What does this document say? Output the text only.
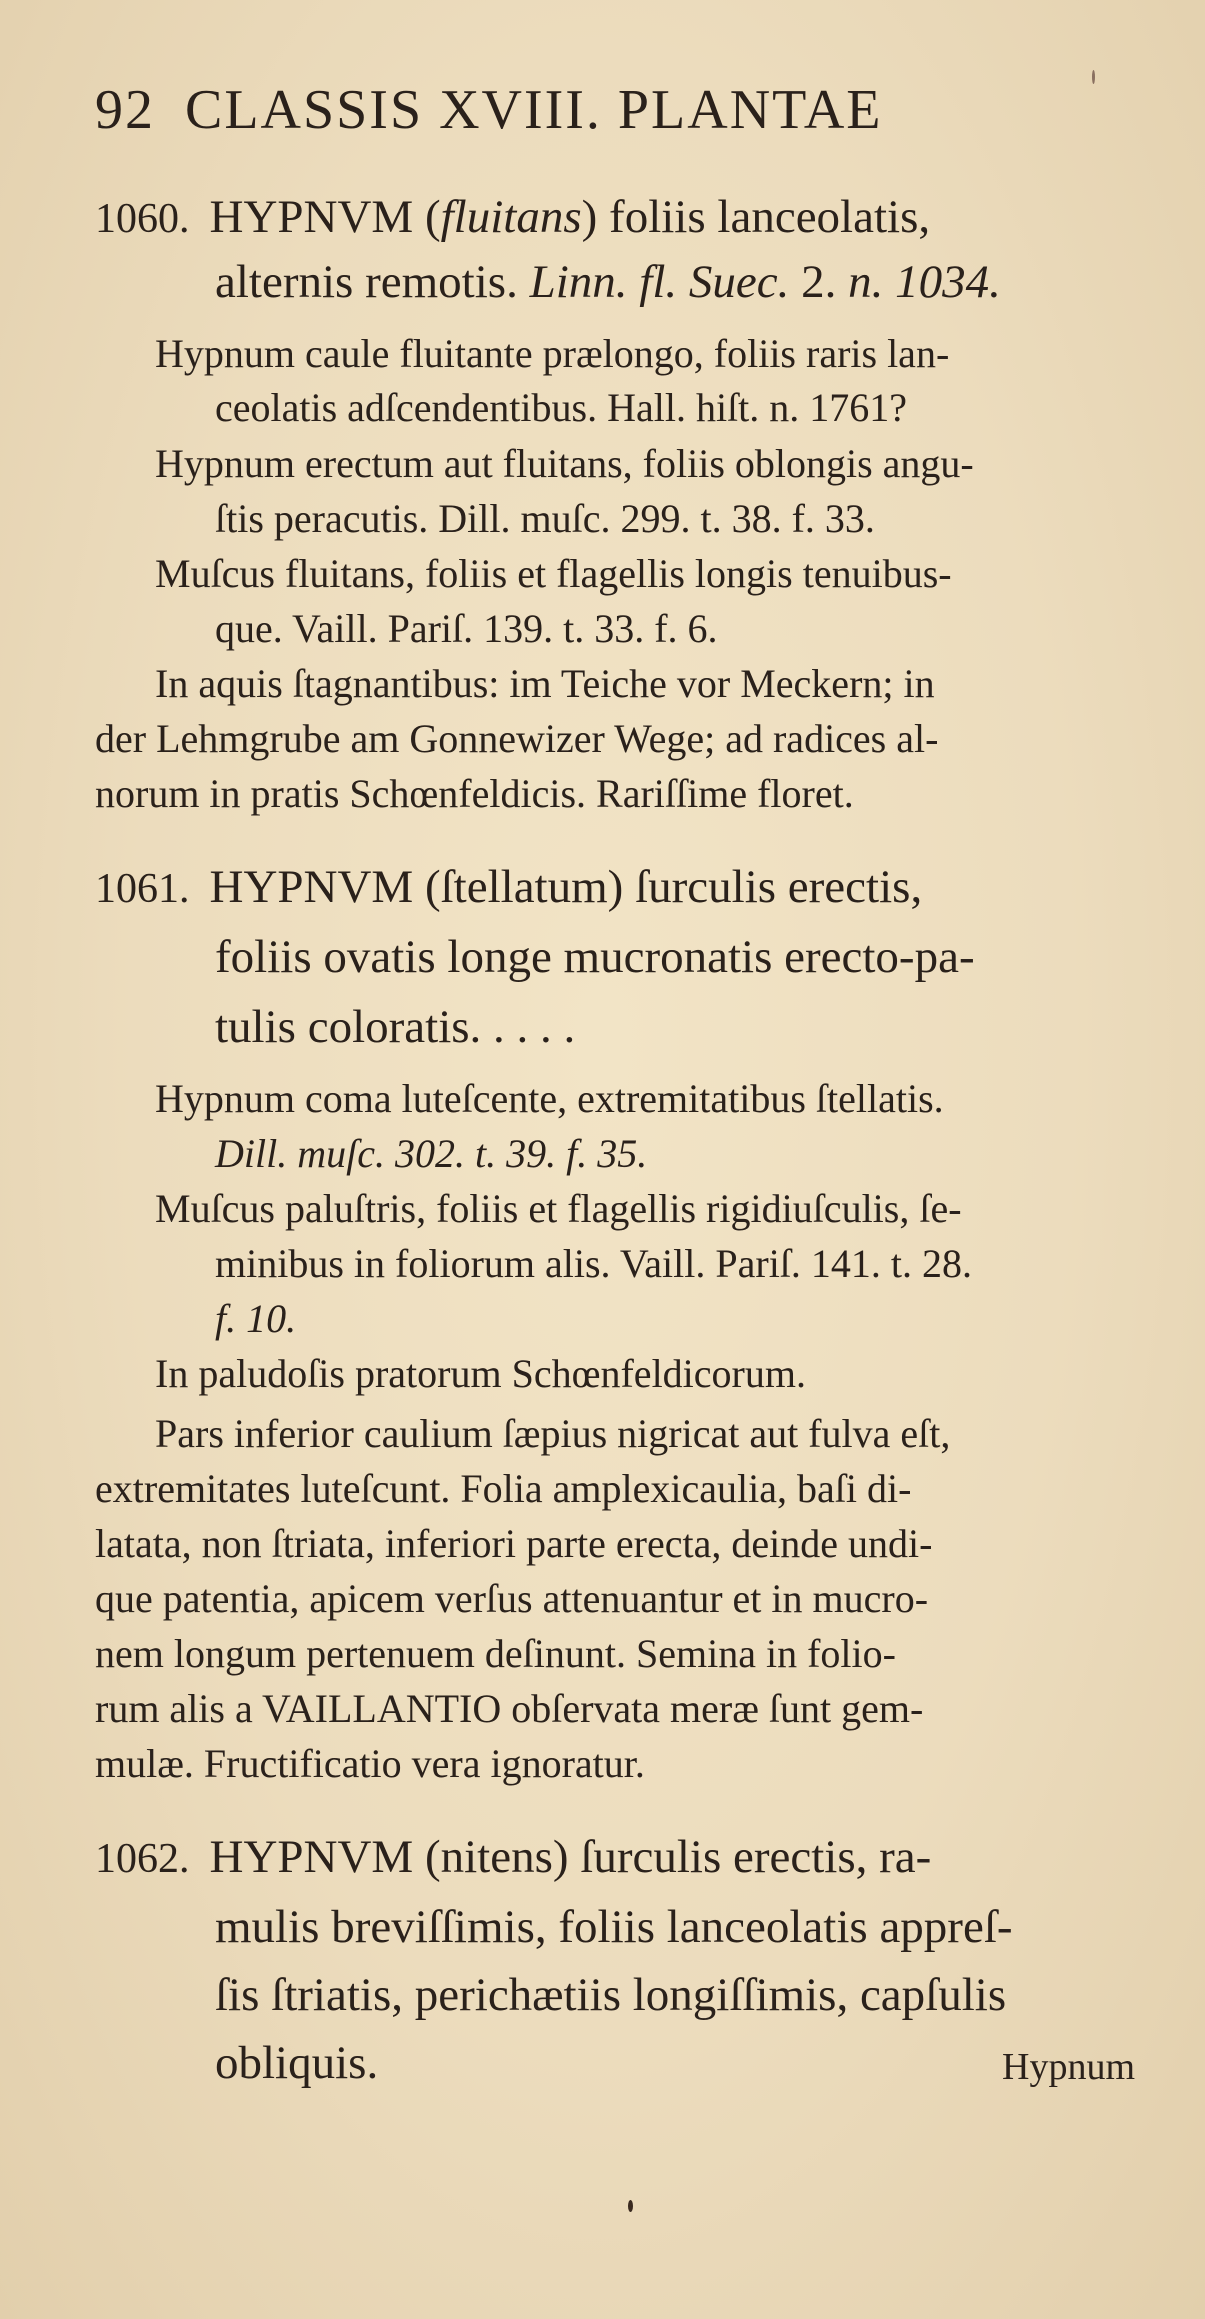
92 CLASSIS XVIII. PLANTAE
1060. HYPNVM (fluitans) foliis lanceolatis,
alternis remotis. Linn. fl. Suec. 2. n. 1034.
Hypnum caule fluitante prælongo, foliis raris lan-
ceolatis adſcendentibus. Hall. hiſt. n. 1761?
Hypnum erectum aut fluitans, foliis oblongis angu-
ſtis peracutis. Dill. muſc. 299. t. 38. f. 33.
Muſcus fluitans, foliis et flagellis longis tenuibus-
que. Vaill. Pariſ. 139. t. 33. f. 6.
In aquis ſtagnantibus: im Teiche vor Meckern; in
der Lehmgrube am Gonnewizer Wege; ad radices al-
norum in pratis Schœnfeldicis. Rariſſime floret.
1061. HYPNVM (ſtellatum) ſurculis erectis,
foliis ovatis longe mucronatis erecto-pa-
tulis coloratis. . . . .
Hypnum coma luteſcente, extremitatibus ſtellatis.
Dill. muſc. 302. t. 39. f. 35.
Muſcus paluſtris, foliis et flagellis rigidiuſculis, ſe-
minibus in foliorum alis. Vaill. Pariſ. 141. t. 28.
f. 10.
In paludoſis pratorum Schœnfeldicorum.
Pars inferior caulium ſæpius nigricat aut fulva eſt,
extremitates luteſcunt. Folia amplexicaulia, baſi di-
latata, non ſtriata, inferiori parte erecta, deinde undi-
que patentia, apicem verſus attenuantur et in mucro-
nem longum pertenuem deſinunt. Semina in folio-
rum alis a VAILLANTIO obſervata meræ ſunt gem-
mulæ. Fructificatio vera ignoratur.
1062. HYPNVM (nitens) ſurculis erectis, ra-
mulis breviſſimis, foliis lanceolatis appreſ-
ſis ſtriatis, perichætiis longiſſimis, capſulis
obliquis.	Hypnum
